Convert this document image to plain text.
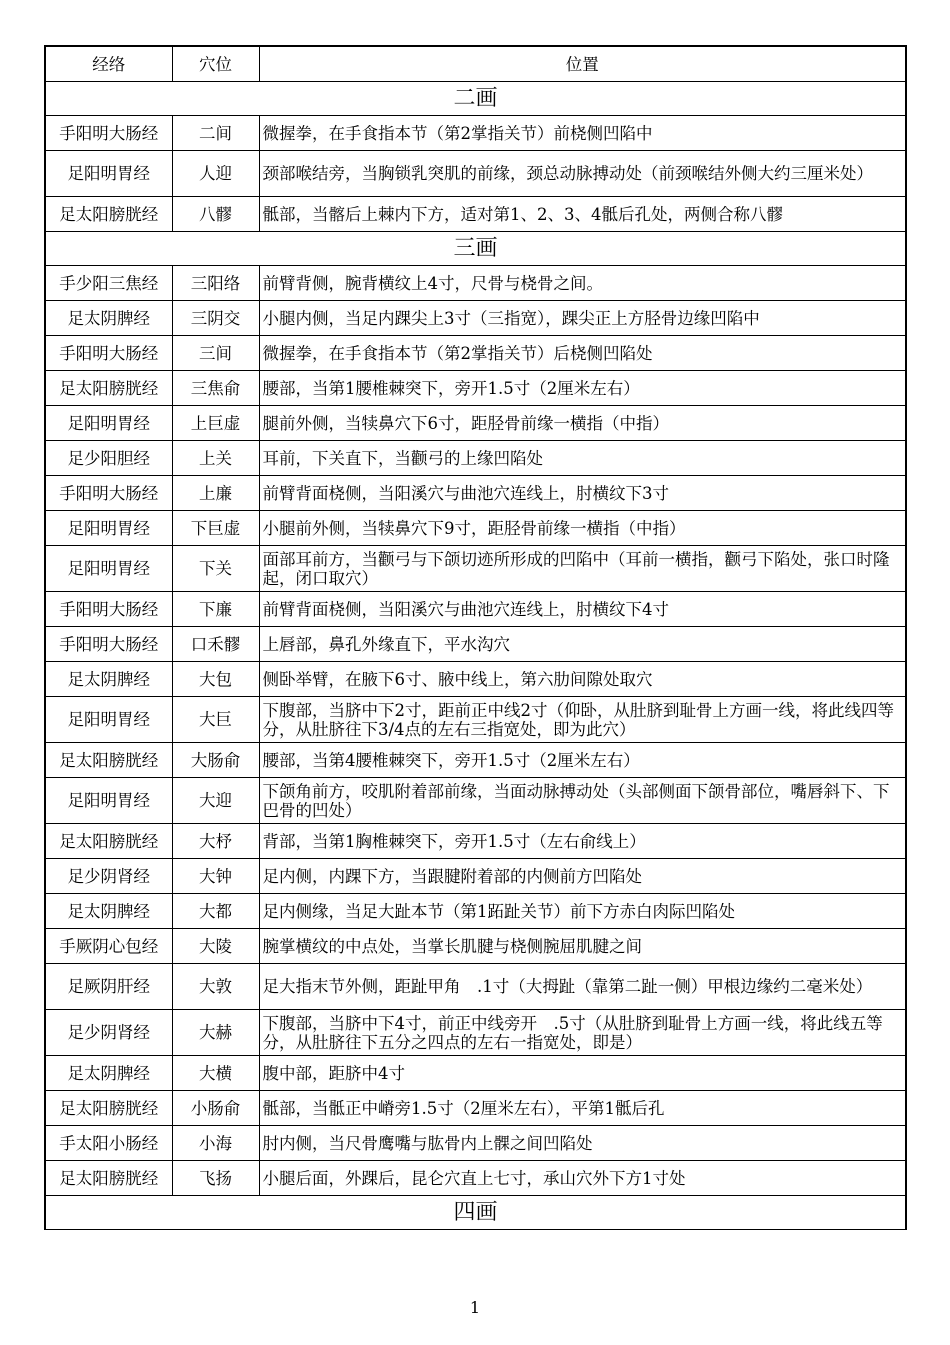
经络	穴位	位置
二画		
手阳明大肠经	二间	微握拳，在手食指本节（第2掌指关节）前桡侧凹陷中
足阳明胃经	人迎	颈部喉结旁，当胸锁乳突肌的前缘，颈总动脉搏动处（前颈喉结外侧大约三厘米处）
足太阳膀胱经	八髎	骶部，当髂后上棘内下方，适对第1、2、3、4骶后孔处，两侧合称八髎
三画		
手少阳三焦经	三阳络	前臂背侧，腕背横纹上4寸，尺骨与桡骨之间。
足太阴脾经	三阴交	小腿内侧，当足内踝尖上3寸（三指宽），踝尖正上方胫骨边缘凹陷中
手阳明大肠经	三间	微握拳，在手食指本节（第2掌指关节）后桡侧凹陷处
足太阳膀胱经	三焦俞	腰部，当第1腰椎棘突下，旁开1.5寸（2厘米左右）
足阳明胃经	上巨虚	腿前外侧，当犊鼻穴下6寸，距胫骨前缘一横指（中指）
足少阳胆经	上关	耳前，下关直下，当颧弓的上缘凹陷处
手阳明大肠经	上廉	前臂背面桡侧，当阳溪穴与曲池穴连线上，肘横纹下3寸
足阳明胃经	下巨虚	小腿前外侧，当犊鼻穴下9寸，距胫骨前缘一横指（中指）
足阳明胃经	下关	面部耳前方，当颧弓与下颌切迹所形成的凹陷中（耳前一横指，颧弓下陷处，张口时隆起，闭口取穴）
手阳明大肠经	下廉	前臂背面桡侧，当阳溪穴与曲池穴连线上，肘横纹下4寸
手阳明大肠经	口禾髎	上唇部，鼻孔外缘直下，平水沟穴
足太阴脾经	大包	侧卧举臂，在腋下6寸、腋中线上，第六肋间隙处取穴
足阳明胃经	大巨	下腹部，当脐中下2寸，距前正中线2寸（仰卧，从肚脐到耻骨上方画一线，将此线四等分，从肚脐往下3/4点的左右三指宽处，即为此穴）
足太阳膀胱经	大肠俞	腰部，当第4腰椎棘突下，旁开1.5寸（2厘米左右）
足阳明胃经	大迎	下颌角前方，咬肌附着部前缘，当面动脉搏动处（头部侧面下颌骨部位，嘴唇斜下、下巴骨的凹处）
足太阳膀胱经	大杼	背部，当第1胸椎棘突下，旁开1.5寸（左右俞线上）
足少阴肾经	大钟	足内侧，内踝下方，当跟腱附着部的内侧前方凹陷处
足太阴脾经	大都	足内侧缘，当足大趾本节（第1跖趾关节）前下方赤白肉际凹陷处
手厥阴心包经	大陵	腕掌横纹的中点处，当掌长肌腱与桡侧腕屈肌腱之间
足厥阴肝经	大敦	足大指末节外侧，距趾甲角　.1寸（大拇趾（靠第二趾一侧）甲根边缘约二毫米处）
足少阴肾经	大赫	下腹部，当脐中下4寸，前正中线旁开　.5寸（从肚脐到耻骨上方画一线，将此线五等分，从肚脐往下五分之四点的左右一指宽处，即是）
足太阴脾经	大横	腹中部，距脐中4寸
足太阳膀胱经	小肠俞	骶部，当骶正中嵴旁1.5寸（2厘米左右），平第1骶后孔
手太阳小肠经	小海	肘内侧，当尺骨鹰嘴与肱骨内上髁之间凹陷处
足太阳膀胱经	飞扬	小腿后面，外踝后，昆仑穴直上七寸，承山穴外下方1寸处
四画		
1
